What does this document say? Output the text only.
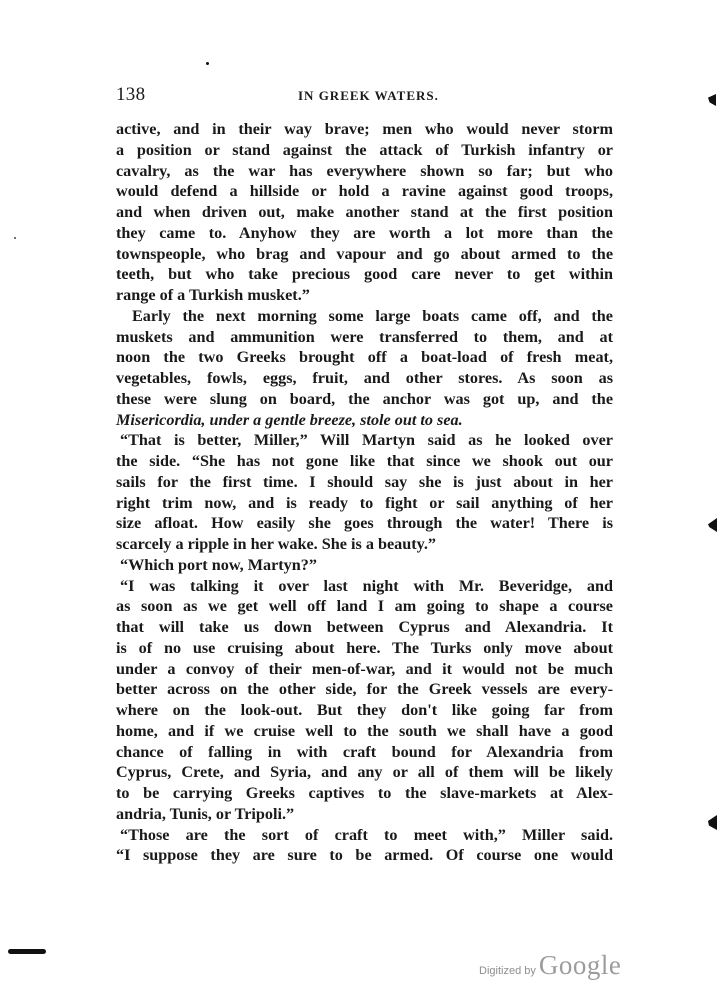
138	IN GREEK WATERS.
active, and in their way brave; men who would never storm
a position or stand against the attack of Turkish infantry or
cavalry, as the war has everywhere shown so far; but who
would defend a hillside or hold a ravine against good troops,
and when driven out, make another stand at the first position
they came to. Anyhow they are worth a lot more than the
townspeople, who brag and vapour and go about armed to the
teeth, but who take precious good care never to get within
range of a Turkish musket.”
Early the next morning some large boats came off, and the
muskets and ammunition were transferred to them, and at
noon the two Greeks brought off a boat-load of fresh meat,
vegetables, fowls, eggs, fruit, and other stores. As soon as
these were slung on board, the anchor was got up, and the
Misericordia, under a gentle breeze, stole out to sea.
“That is better, Miller,” Will Martyn said as he looked over
the side. “She has not gone like that since we shook out our
sails for the first time. I should say she is just about in her
right trim now, and is ready to fight or sail anything of her
size afloat. How easily she goes through the water! There is
scarcely a ripple in her wake. She is a beauty.”
“Which port now, Martyn?”
“I was talking it over last night with Mr. Beveridge, and
as soon as we get well off land I am going to shape a course
that will take us down between Cyprus and Alexandria. It
is of no use cruising about here. The Turks only move about
under a convoy of their men-of-war, and it would not be much
better across on the other side, for the Greek vessels are every-
where on the look-out. But they don't like going far from
home, and if we cruise well to the south we shall have a good
chance of falling in with craft bound for Alexandria from
Cyprus, Crete, and Syria, and any or all of them will be likely
to be carrying Greeks captives to the slave-markets at Alex-
andria, Tunis, or Tripoli.”
“Those are the sort of craft to meet with,” Miller said.
“I suppose they are sure to be armed. Of course one would
Digitized by Google
